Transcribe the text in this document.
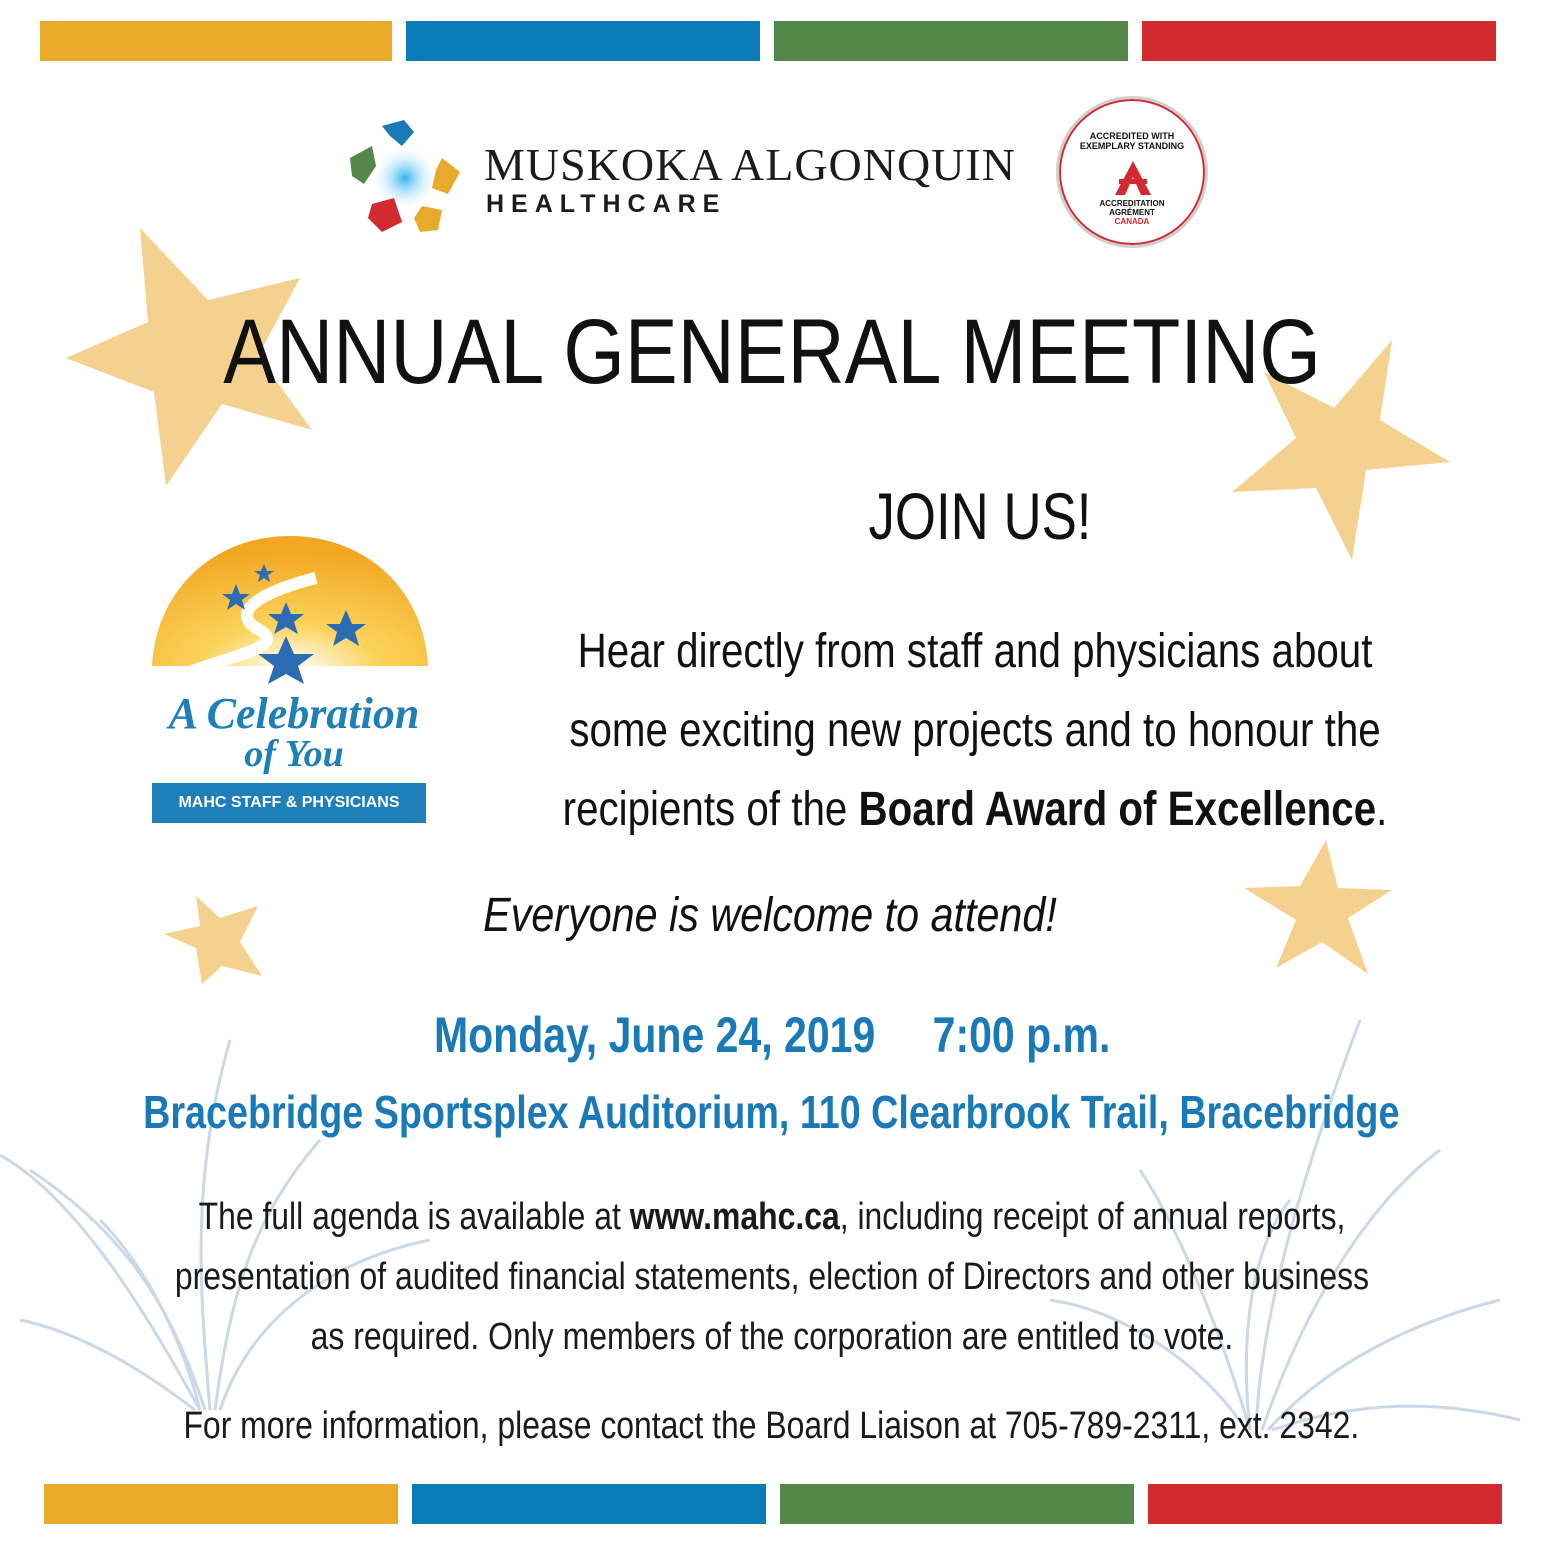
MUSKOKA ALGONQUIN
HEALTHCARE
ACCREDITED WITH EXEMPLARY STANDING
ACCREDITATION
AGRÉMENT
CANADA
ANNUAL GENERAL MEETING
JOIN US!
A Celebration
of You
MAHC STAFF & PHYSICIANS
Hear directly from staff and physicians about some exciting new projects and to honour the recipients of the Board Award of Excellence.
Everyone is welcome to attend!
Monday, June 24, 2019 7:00 p.m.
Bracebridge Sportsplex Auditorium, 110 Clearbrook Trail, Bracebridge
The full agenda is available at www.mahc.ca, including receipt of annual reports, presentation of audited financial statements, election of Directors and other business as required. Only members of the corporation are entitled to vote.
For more information, please contact the Board Liaison at 705-789-2311, ext. 2342.
